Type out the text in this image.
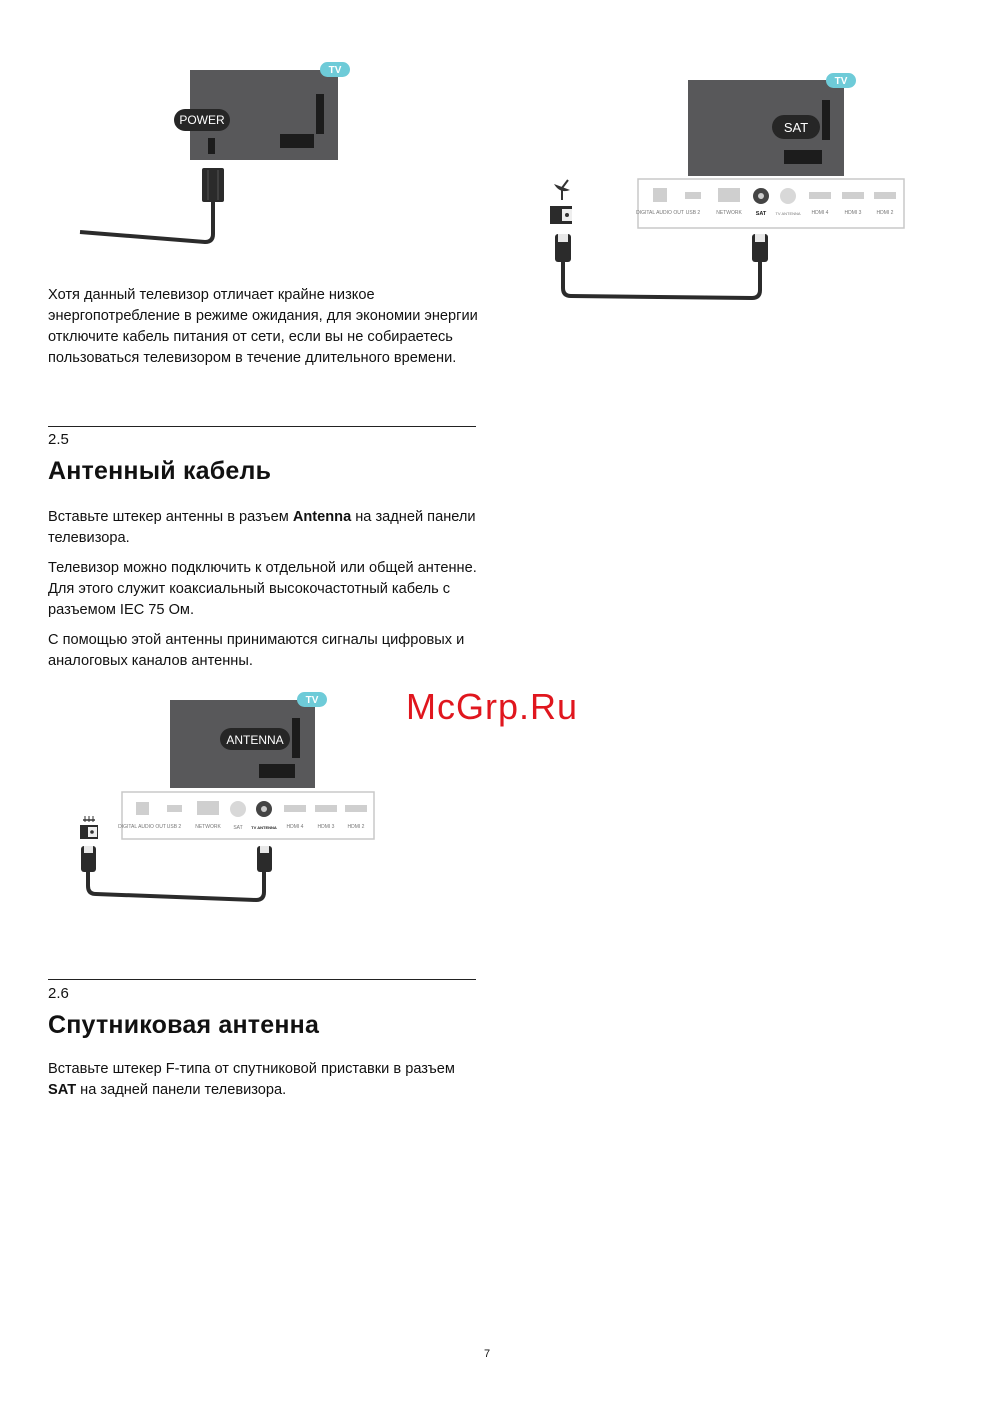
TV
POWER
TV
SAT
DIGITAL AUDIO OUT USB 2	NETWORK	SAT TV ANTENNA HDMI 4	HDMI 3	HDMI 2

Хотя данный телевизор отличает крайне низкое энергопотребление в режиме ожидания, для экономии энергии отключите кабель питания от сети, если вы не собираетесь пользоваться телевизором в течение длительного времени.

2.5
Антенный кабель

Вставьте штекер антенны в разъем Antenna на задней панели телевизора.

Телевизор можно подключить к отдельной или общей антенне. Для этого служит коаксиальный высокочастотный кабель с разъемом IEC 75 Ом.

С помощью этой антенны принимаются сигналы цифровых и аналоговых каналов антенны.

TV
ANTENNA
DIGITAL AUDIO OUT USB 2	NETWORK	SAT TV ANTENNA HDMI 4	HDMI 3	HDMI 2
McGrp.Ru
2.6
Спутниковая антенна

Вставьте штекер F-типа от спутниковой приставки в разъем SAT на задней панели телевизора.

7
